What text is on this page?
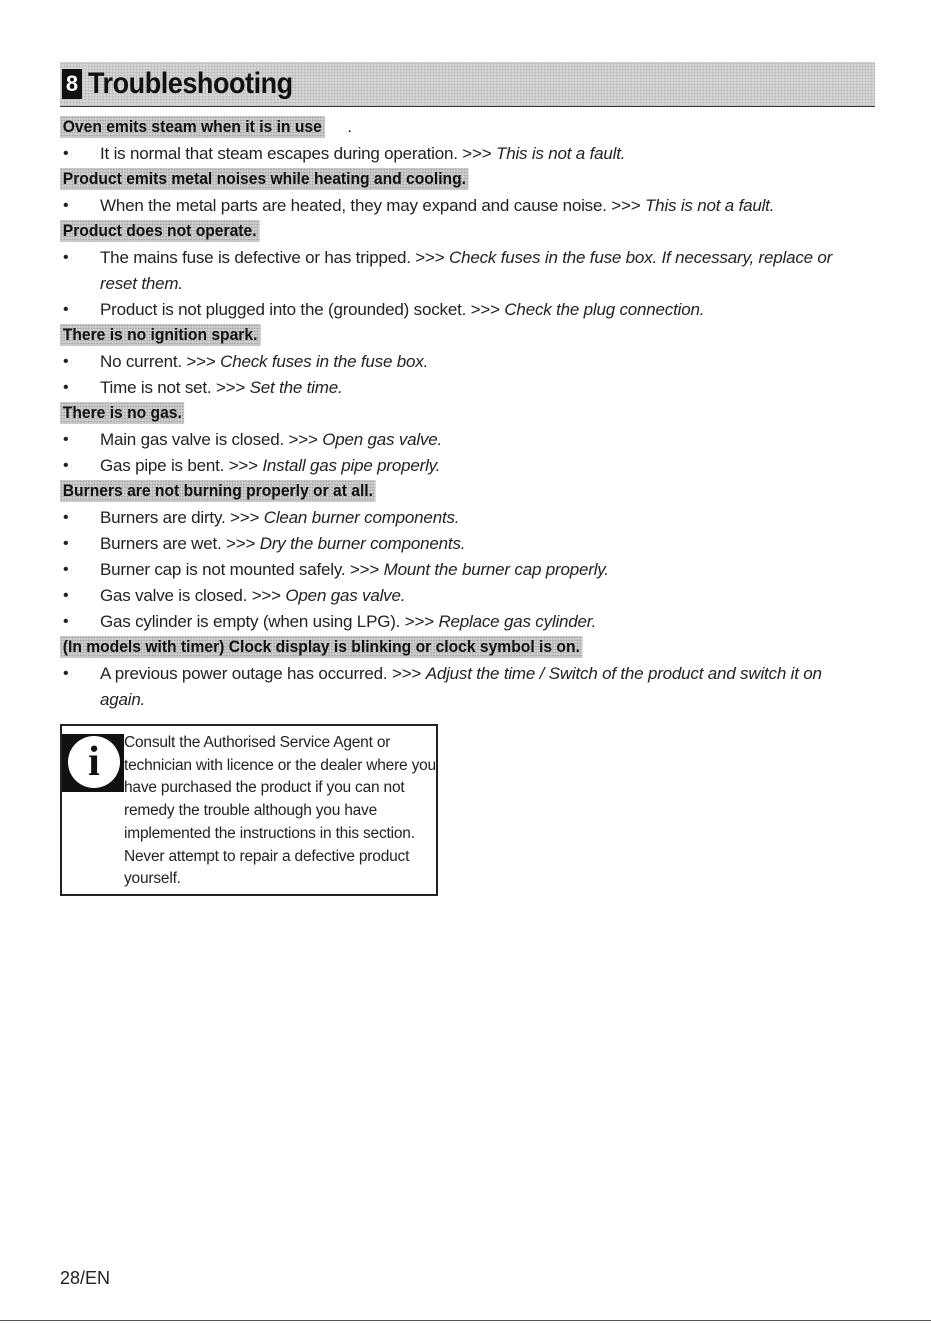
8 Troubleshooting
Oven emits steam when it is in use .
• It is normal that steam escapes during operation. >>> This is not a fault.
Product emits metal noises while heating and cooling.
• When the metal parts are heated, they may expand and cause noise. >>> This is not a fault.
Product does not operate.
• The mains fuse is defective or has tripped. >>> Check fuses in the fuse box. If necessary, replace or reset them.
• Product is not plugged into the (grounded) socket. >>> Check the plug connection.
There is no ignition spark.
• No current. >>> Check fuses in the fuse box.
• Time is not set. >>> Set the time.
There is no gas.
• Main gas valve is closed. >>> Open gas valve.
• Gas pipe is bent. >>> Install gas pipe properly.
Burners are not burning properly or at all.
• Burners are dirty. >>> Clean burner components.
• Burners are wet. >>> Dry the burner components.
• Burner cap is not mounted safely. >>> Mount the burner cap properly.
• Gas valve is closed. >>> Open gas valve.
• Gas cylinder is empty (when using LPG). >>> Replace gas cylinder.
(In models with timer) Clock display is blinking or clock symbol is on.
• A previous power outage has occurred. >>> Adjust the time / Switch of the product and switch it on again.
i Consult the Authorised Service Agent or technician with licence or the dealer where you have purchased the product if you can not remedy the trouble although you have implemented the instructions in this section. Never attempt to repair a defective product yourself.
28/EN
